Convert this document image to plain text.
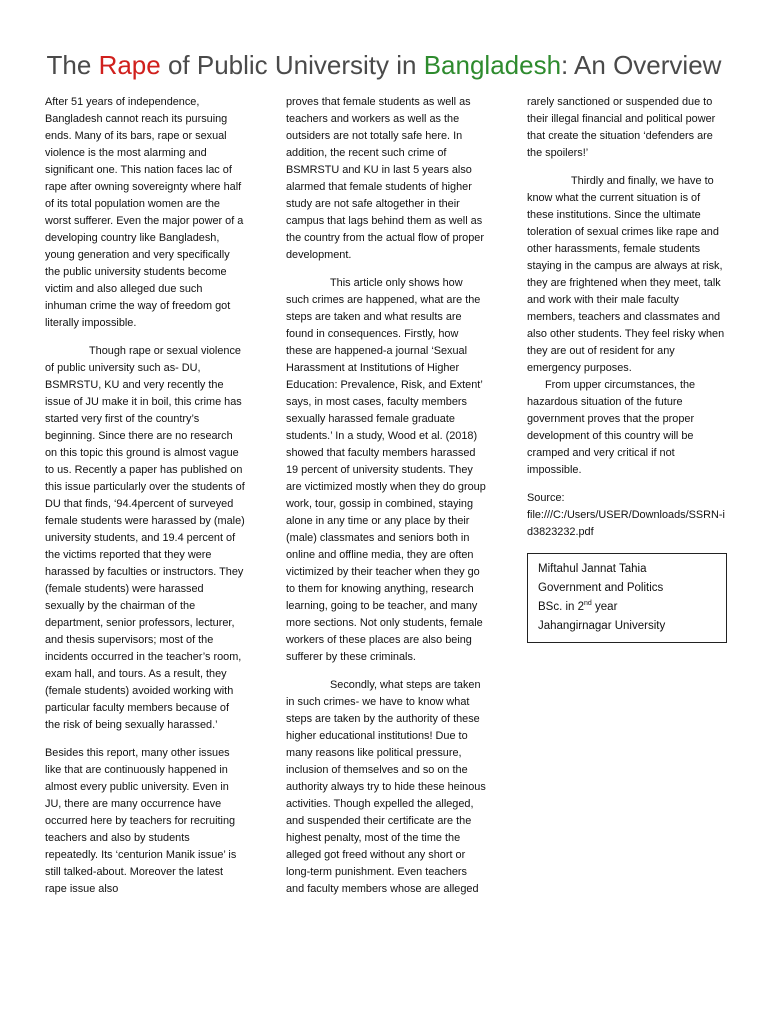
The Rape of Public University in Bangladesh: An Overview

After 51 years of independence, Bangladesh cannot reach its pursuing ends. Many of its bars, rape or sexual violence is the most alarming and significant one. This nation faces lac of rape after owning sovereignty where half of its total population women are the worst sufferer. Even the major power of a developing country like Bangladesh, young generation and very specifically the public university students become victim and also alleged due such inhuman crime the way of freedom got literally impossible.

Though rape or sexual violence of public university such as- DU, BSMRSTU, KU and very recently the issue of JU make it in boil, this crime has started very first of the country’s beginning. Since there are no research on this topic this ground is almost vague to us. Recently a paper has published on this issue particularly over the students of DU that finds, ‘94.4percent of surveyed female students were harassed by (male) university students, and 19.4 percent of the victims reported that they were harassed by faculties or instructors. They (female students) were harassed sexually by the chairman of the department, senior professors, lecturer, and thesis supervisors; most of the incidents occurred in the teacher’s room, exam hall, and tours. As a result, they (female students) avoided working with particular faculty members because of the risk of being sexually harassed.’

Besides this report, many other issues like that are continuously happened in almost every public university. Even in JU, there are many occurrence have occurred here by teachers for recruiting teachers and also by students repeatedly. Its ‘centurion Manik issue’ is still talked-about. Moreover the latest rape issue also

proves that female students as well as teachers and workers as well as the outsiders are not totally safe here. In addition, the recent such crime of BSMRSTU and KU in last 5 years also alarmed that female students of higher study are not safe altogether in their campus that lags behind them as well as the country from the actual flow of proper development.

This article only shows how such crimes are happened, what are the steps are taken and what results are found in consequences. Firstly, how these are happened-a journal ‘Sexual Harassment at Institutions of Higher Education: Prevalence, Risk, and Extent’ says, in most cases, faculty members sexually harassed female graduate students.’ In a study, Wood et al. (2018) showed that faculty members harassed 19 percent of university students. They are victimized mostly when they do group work, tour, gossip in combined, staying alone in any time or any place by their (male) classmates and seniors both in online and offline media, they are often victimized by their teacher when they go to them for knowing anything, research learning, going to be teacher, and many more sections. Not only students, female workers of these places are also being sufferer by these criminals.

Secondly, what steps are taken in such crimes- we have to know what steps are taken by the authority of these higher educational institutions! Due to many reasons like political pressure, inclusion of themselves and so on the authority always try to hide these heinous activities. Though expelled the alleged, and suspended their certificate are the highest penalty, most of the time the alleged got freed without any short or long-term punishment. Even teachers and faculty members whose are alleged

rarely sanctioned or suspended due to their illegal financial and political power that create the situation ‘defenders are the spoilers!’

Thirdly and finally, we have to know what the current situation is of these institutions. Since the ultimate toleration of sexual crimes like rape and other harassments, female students staying in the campus are always at risk, they are frightened when they meet, talk and work with their male faculty members, teachers and classmates and also other students. They feel risky when they are out of resident for any emergency purposes.

From upper circumstances, the hazardous situation of the future government proves that the proper development of this country will be cramped and very critical if not impossible.

Source:
file:///C:/Users/USER/Downloads/SSRN-id3823232.pdf
Miftahul Jannat Tahia
Government and Politics
BSc. in 2nd year
Jahangirnagar University
